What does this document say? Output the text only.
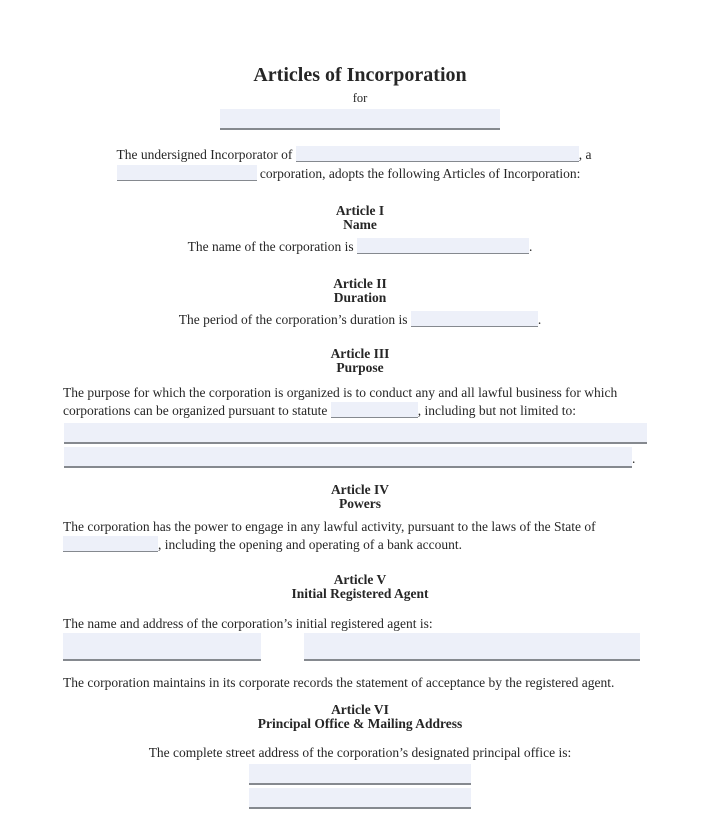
Articles of Incorporation
for
The undersigned Incorporator of	, a
corporation, adopts the following Articles of Incorporation:
Article I
Name
The name of the corporation is	.
Article II
Duration
The period of the corporation’s duration is	.
Article III
Purpose
The purpose for which the corporation is organized is to conduct any and all lawful business for which
corporations can be organized pursuant to statute	, including but not limited to:
.
Article IV
Powers
The corporation has the power to engage in any lawful activity, pursuant to the laws of the State of
, including the opening and operating of a bank account.
Article V
Initial Registered Agent
The name and address of the corporation’s initial registered agent is:
The corporation maintains in its corporate records the statement of acceptance by the registered agent.
Article VI
Principal Office & Mailing Address
The complete street address of the corporation’s designated principal office is:
